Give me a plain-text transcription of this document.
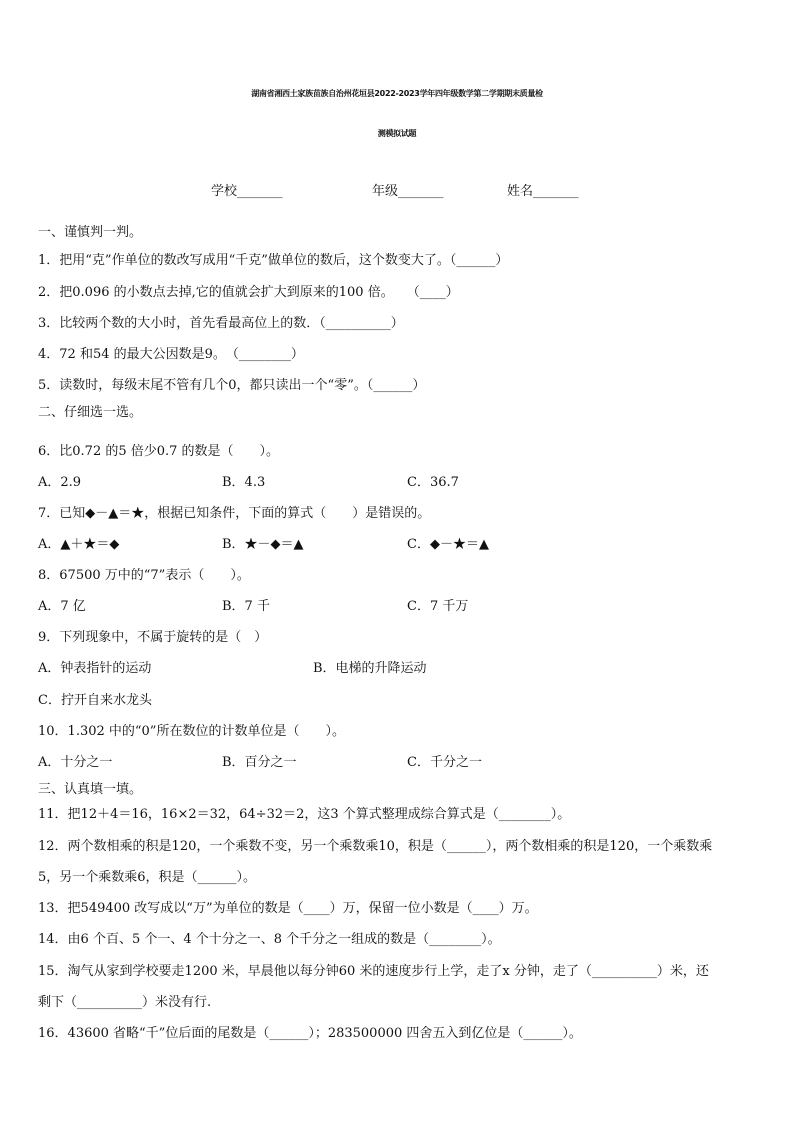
湖南省湘西土家族苗族自治州花垣县2022-2023学年四年级数学第二学期期末质量检
测模拟试题
学校_______	年级_______	姓名_______
一、谨慎判一判。
1．把用“克”作单位的数改写成用“千克”做单位的数后，这个数变大了。（______）
2．把0.096 的小数点去掉,它的值就会扩大到原来的100 倍。　　（____）
3．比较两个数的大小时，首先看最高位上的数．（__________）
4．72 和54 的最大公因数是9。　（________）
5．读数时，每级末尾不管有几个0，都只读出一个“零”。（______）
二、仔细选一选。
6．比0.72 的5 倍少0.7 的数是（　　）。
A．2.9	B．4.3	C．36.7
7．已知◆－▲＝★，根据已知条件，下面的算式（　　）是错误的。
A．▲＋★＝◆	B．★－◆＝▲	C．◆－★＝▲
8．67500 万中的“7”表示（　　）。
A．7 亿	B．7 千	C．7 千万
9．下列现象中，不属于旋转的是（　）
A．钟表指针的运动	B．电梯的升降运动
C．拧开自来水龙头
10．1.302 中的“0”所在数位的计数单位是（　　）。
A．十分之一	B．百分之一	C．千分之一
三、认真填一填。
11．把12＋4＝16，16×2＝32，64÷32＝2，这3 个算式整理成综合算式是（________）。
12．两个数相乘的积是120，一个乘数不变，另一个乘数乘10，积是（______），两个数相乘的积是120，一个乘数乘
5，另一个乘数乘6，积是（______）。
13．把549400 改写成以“万”为单位的数是（____）万，保留一位小数是（____）万。
14．由6 个百、5 个一、4 个十分之一、8 个千分之一组成的数是（________）。
15．淘气从家到学校要走1200 米，早晨他以每分钟60 米的速度步行上学，走了x 分钟，走了（__________）米，还
剩下（__________）米没有行.
16．43600 省略“千”位后面的尾数是（______）；283500000 四舍五入到亿位是（______）。
